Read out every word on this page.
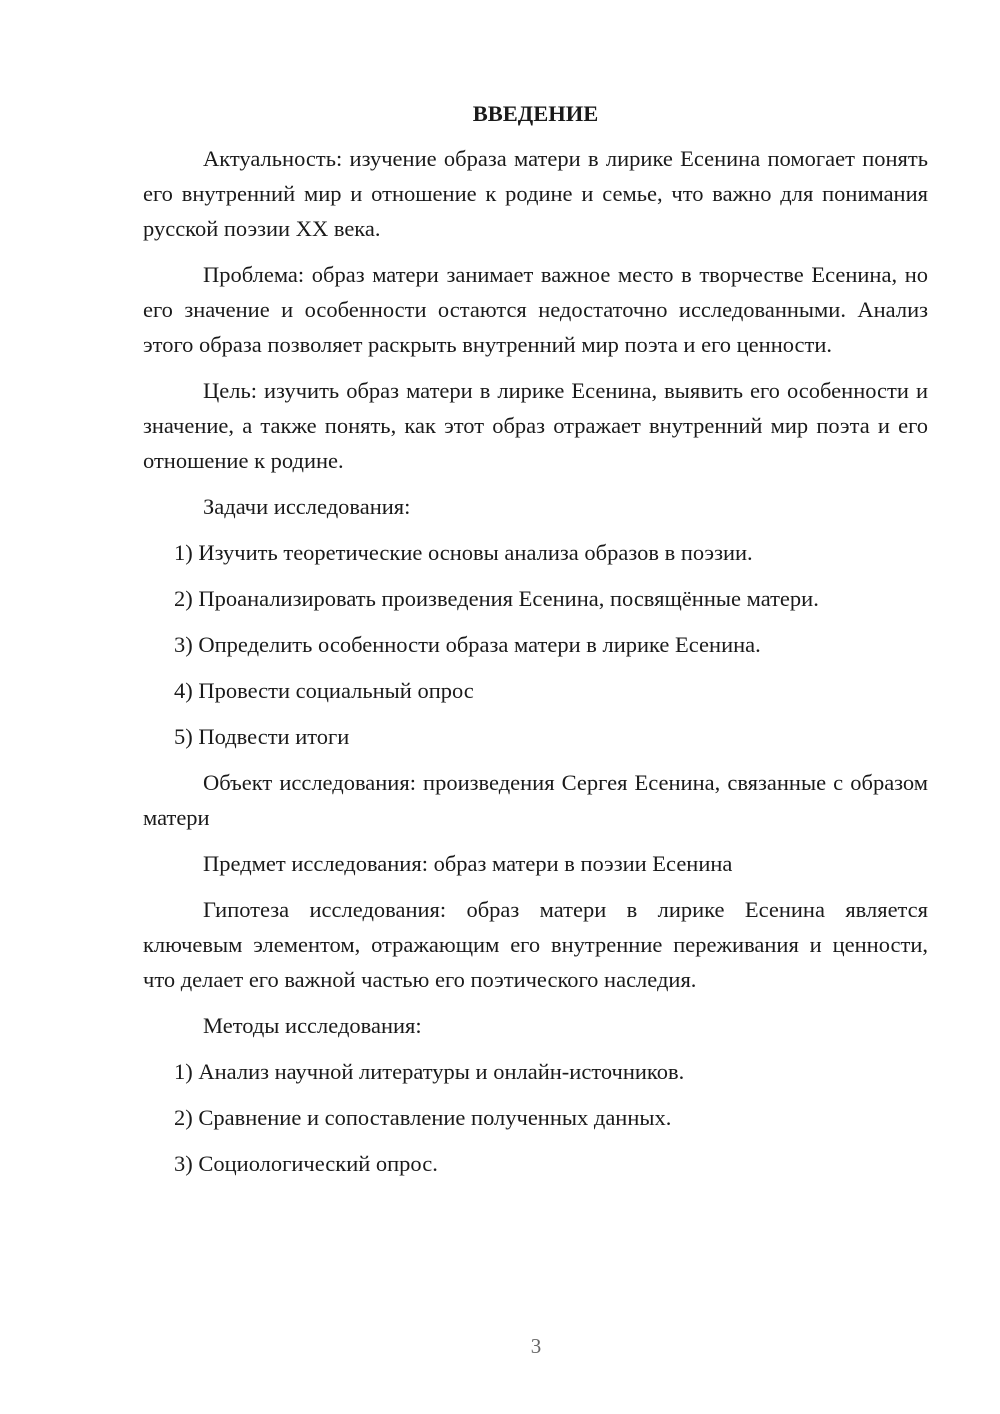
ВВЕДЕНИЕ

Актуальность: изучение образа матери в лирике Есенина помогает понять его внутренний мир и отношение к родине и семье, что важно для понимания русской поэзии XX века.

Проблема: образ матери занимает важное место в творчестве Есенина, но его значение и особенности остаются недостаточно исследованными. Анализ этого образа позволяет раскрыть внутренний мир поэта и его ценности.

Цель: изучить образ матери в лирике Есенина, выявить его особенности и значение, а также понять, как этот образ отражает внутренний мир поэта и его отношение к родине.

Задачи исследования:

1) Изучить теоретические основы анализа образов в поэзии.

2) Проанализировать произведения Есенина, посвящённые матери.

3) Определить особенности образа матери в лирике Есенина.

4) Провести социальный опрос

5) Подвести итоги

Объект исследования: произведения Сергея Есенина, связанные с образом матери

Предмет исследования: образ матери в поэзии Есенина

Гипотеза исследования: образ матери в лирике Есенина является ключевым элементом, отражающим его внутренние переживания и ценности, что делает его важной частью его поэтического наследия.

Методы исследования:

1) Анализ научной литературы и онлайн-источников.

2) Сравнение и сопоставление полученных данных.

3) Социологический опрос.

3
